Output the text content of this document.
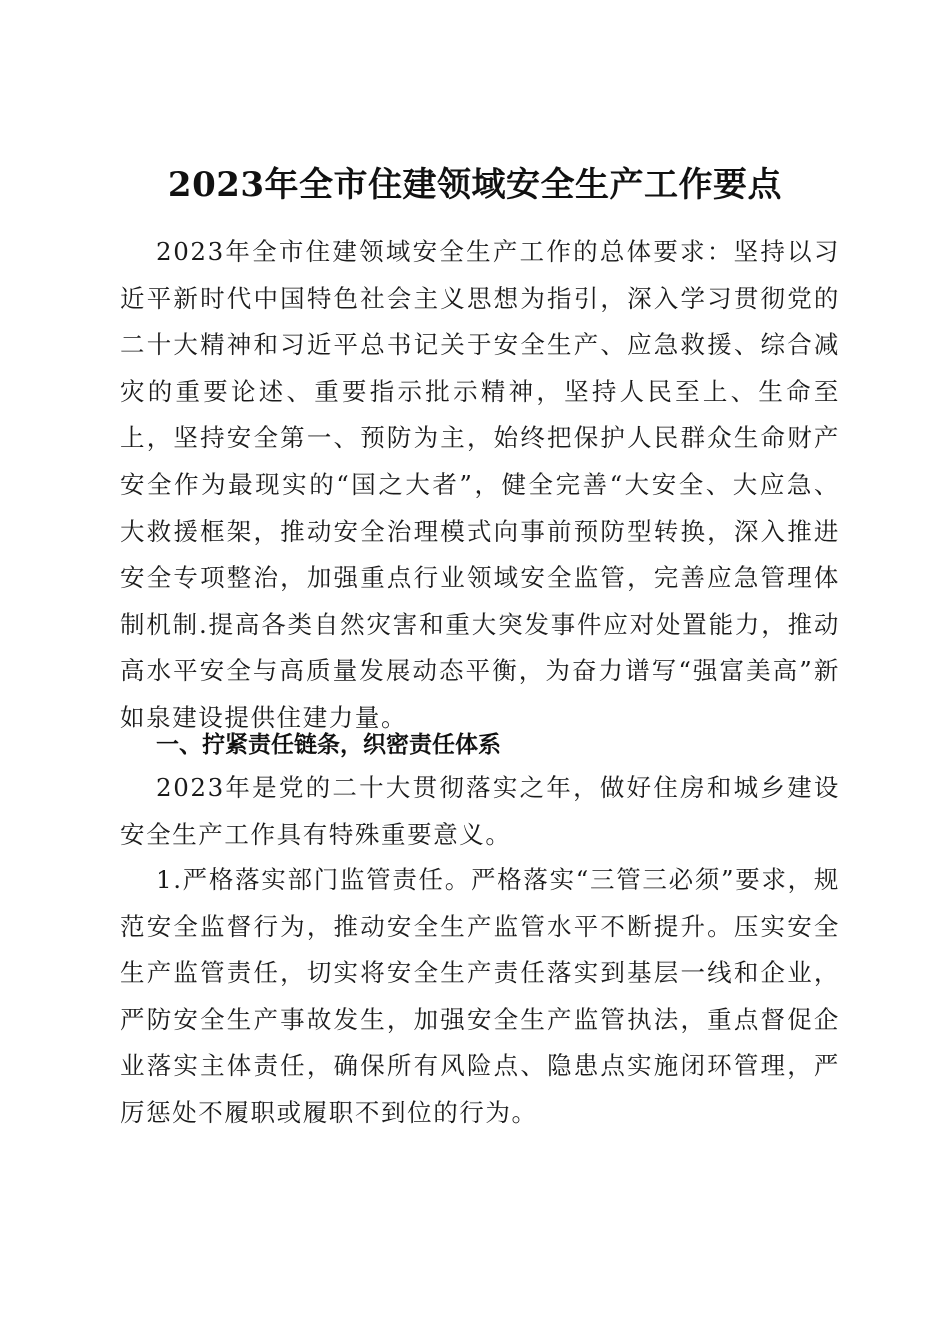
2023年全市住建领域安全生产工作要点

2023年全市住建领域安全生产工作的总体要求：坚持以习近平新时代中国特色社会主义思想为指引，深入学习贯彻党的二十大精神和习近平总书记关于安全生产、应急救援、综合减灾的重要论述、重要指示批示精神，坚持人民至上、生命至上，坚持安全第一、预防为主，始终把保护人民群众生命财产安全作为最现实的“国之大者”，健全完善“大安全、大应急、大救援框架，推动安全治理模式向事前预防型转换，深入推进安全专项整治，加强重点行业领域安全监管，完善应急管理体制机制.提高各类自然灾害和重大突发事件应对处置能力，推动高水平安全与高质量发展动态平衡，为奋力谱写“强富美高”新如泉建设提供住建力量。

一、拧紧责任链条，织密责任体系

2023年是党的二十大贯彻落实之年，做好住房和城乡建设安全生产工作具有特殊重要意义。

1.严格落实部门监管责任。严格落实“三管三必须”要求，规范安全监督行为，推动安全生产监管水平不断提升。压实安全生产监管责任，切实将安全生产责任落实到基层一线和企业，严防安全生产事故发生，加强安全生产监管执法，重点督促企业落实主体责任，确保所有风险点、隐患点实施闭环管理，严厉惩处不履职或履职不到位的行为。
